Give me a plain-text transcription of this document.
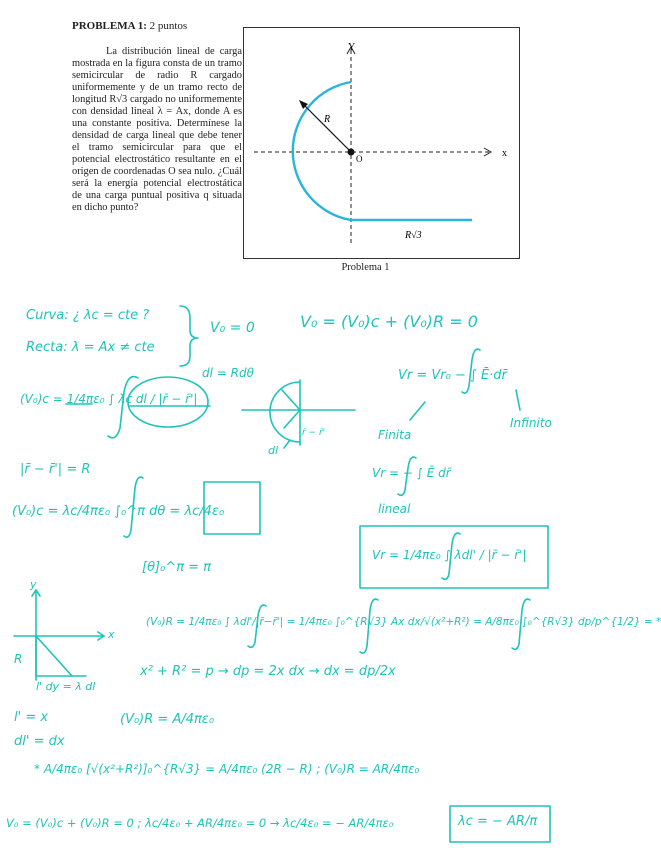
PROBLEMA 1: 2 puntos
La distribución lineal de carga mostrada en la figura consta de un tramo semicircular de radio R cargado uniformemente y de un tramo recto de longitud R√3 cargado no uniformemente con densidad lineal λ = Ax, donde A es una constante positiva. Determínese la densidad de carga lineal que debe tener el tramo semicircular para que el potencial electrostático resultante en el origen de coordenadas O sea nulo. ¿Cuál será la energía potencial electrostática de una carga puntual positiva q situada en dicho punto?
Y
x
O
R
R√3
Problema 1
Curva: ¿ λc = cte ?
Recta: λ = Ax ≠ cte
V₀ = 0	V₀ = (V₀)c + (V₀)R = 0
(V₀)c = 1/4πε₀ ∫ λc dl / |r̄ − r̄'|
dl = Rdθ	Vr = Vr₀ − ∫ Ē·dr̄
Infinito
Finita
Vr = − ∫ Ē dr̄
lineal
|r̄ − r̄'| = R
(V₀)c = λc/4πε₀ ∫₀^π dθ = λc/4ε₀
[θ]₀^π = π
Vr = 1/4πε₀ ∫ λdl' / |r̄ − r̄'|
(V₀)R = 1/4πε₀ ∫ λdl'/|r̄−r̄'| = 1/4πε₀ ∫₀^{R√3} Ax dx/√(x²+R²) = A/8πε₀ ∫₀^{R√3} dp/p^{1/2} = *
x² + R² = p → dp = 2x dx → dx = dp/2x
l' = x
dl' = dx
(V₀)R = A/4πε₀
* A/4πε₀ [√(x²+R²)]₀^{R√3} = A/4πε₀ (2R − R) ; (V₀)R = AR/4πε₀
V₀ = (V₀)c + (V₀)R = 0 ; λc/4ε₀ + AR/4πε₀ = 0 → λc/4ε₀ = − AR/4πε₀	λc = − AR/π
l' dy = λ dl
dl
R
y
x
r̄ − r̄'
